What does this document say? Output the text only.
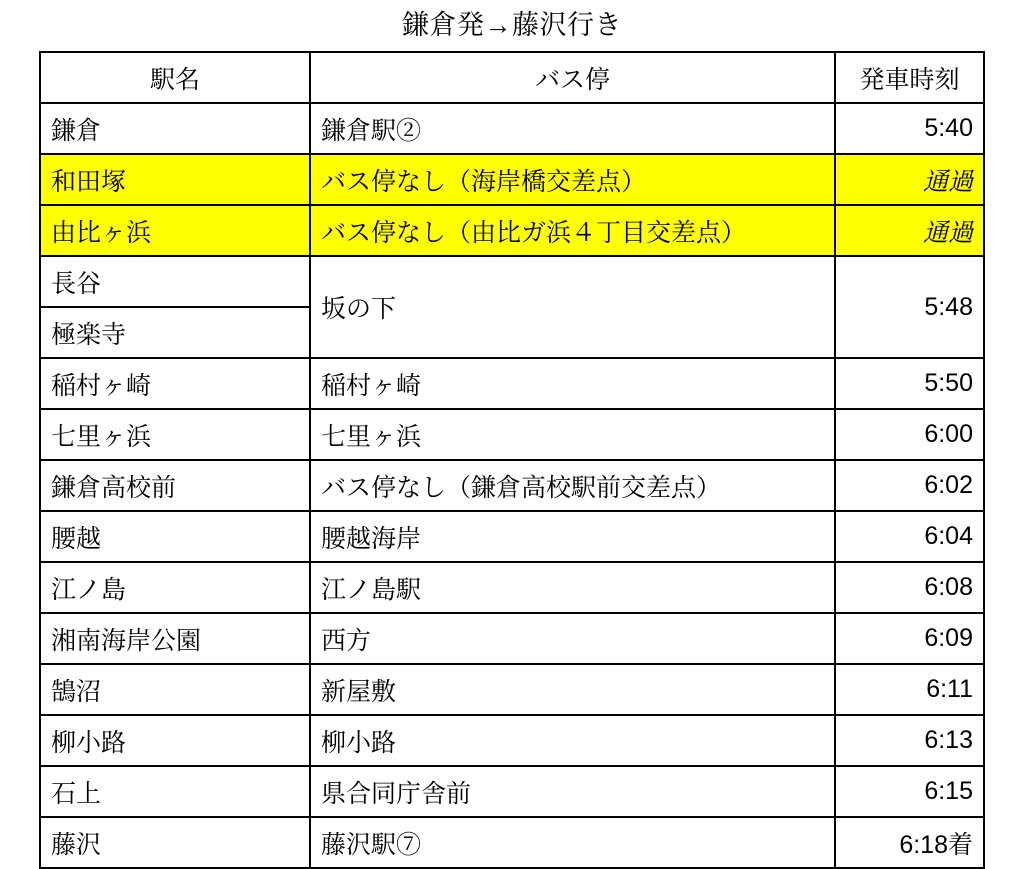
鎌倉発→藤沢行き
駅名	バス停	発車時刻
鎌倉	鎌倉駅②	5:40
和田塚	バス停なし（海岸橋交差点）	通過
由比ヶ浜	バス停なし（由比ガ浜４丁目交差点）	通過
長谷	坂の下	5:48
極楽寺		
稲村ヶ崎	稲村ヶ崎	5:50
七里ヶ浜	七里ヶ浜	6:00
鎌倉高校前	バス停なし（鎌倉高校駅前交差点）	6:02
腰越	腰越海岸	6:04
江ノ島	江ノ島駅	6:08
湘南海岸公園	西方	6:09
鵠沼	新屋敷	6:11
柳小路	柳小路	6:13
石上	県合同庁舎前	6:15
藤沢	藤沢駅⑦	6:18着
